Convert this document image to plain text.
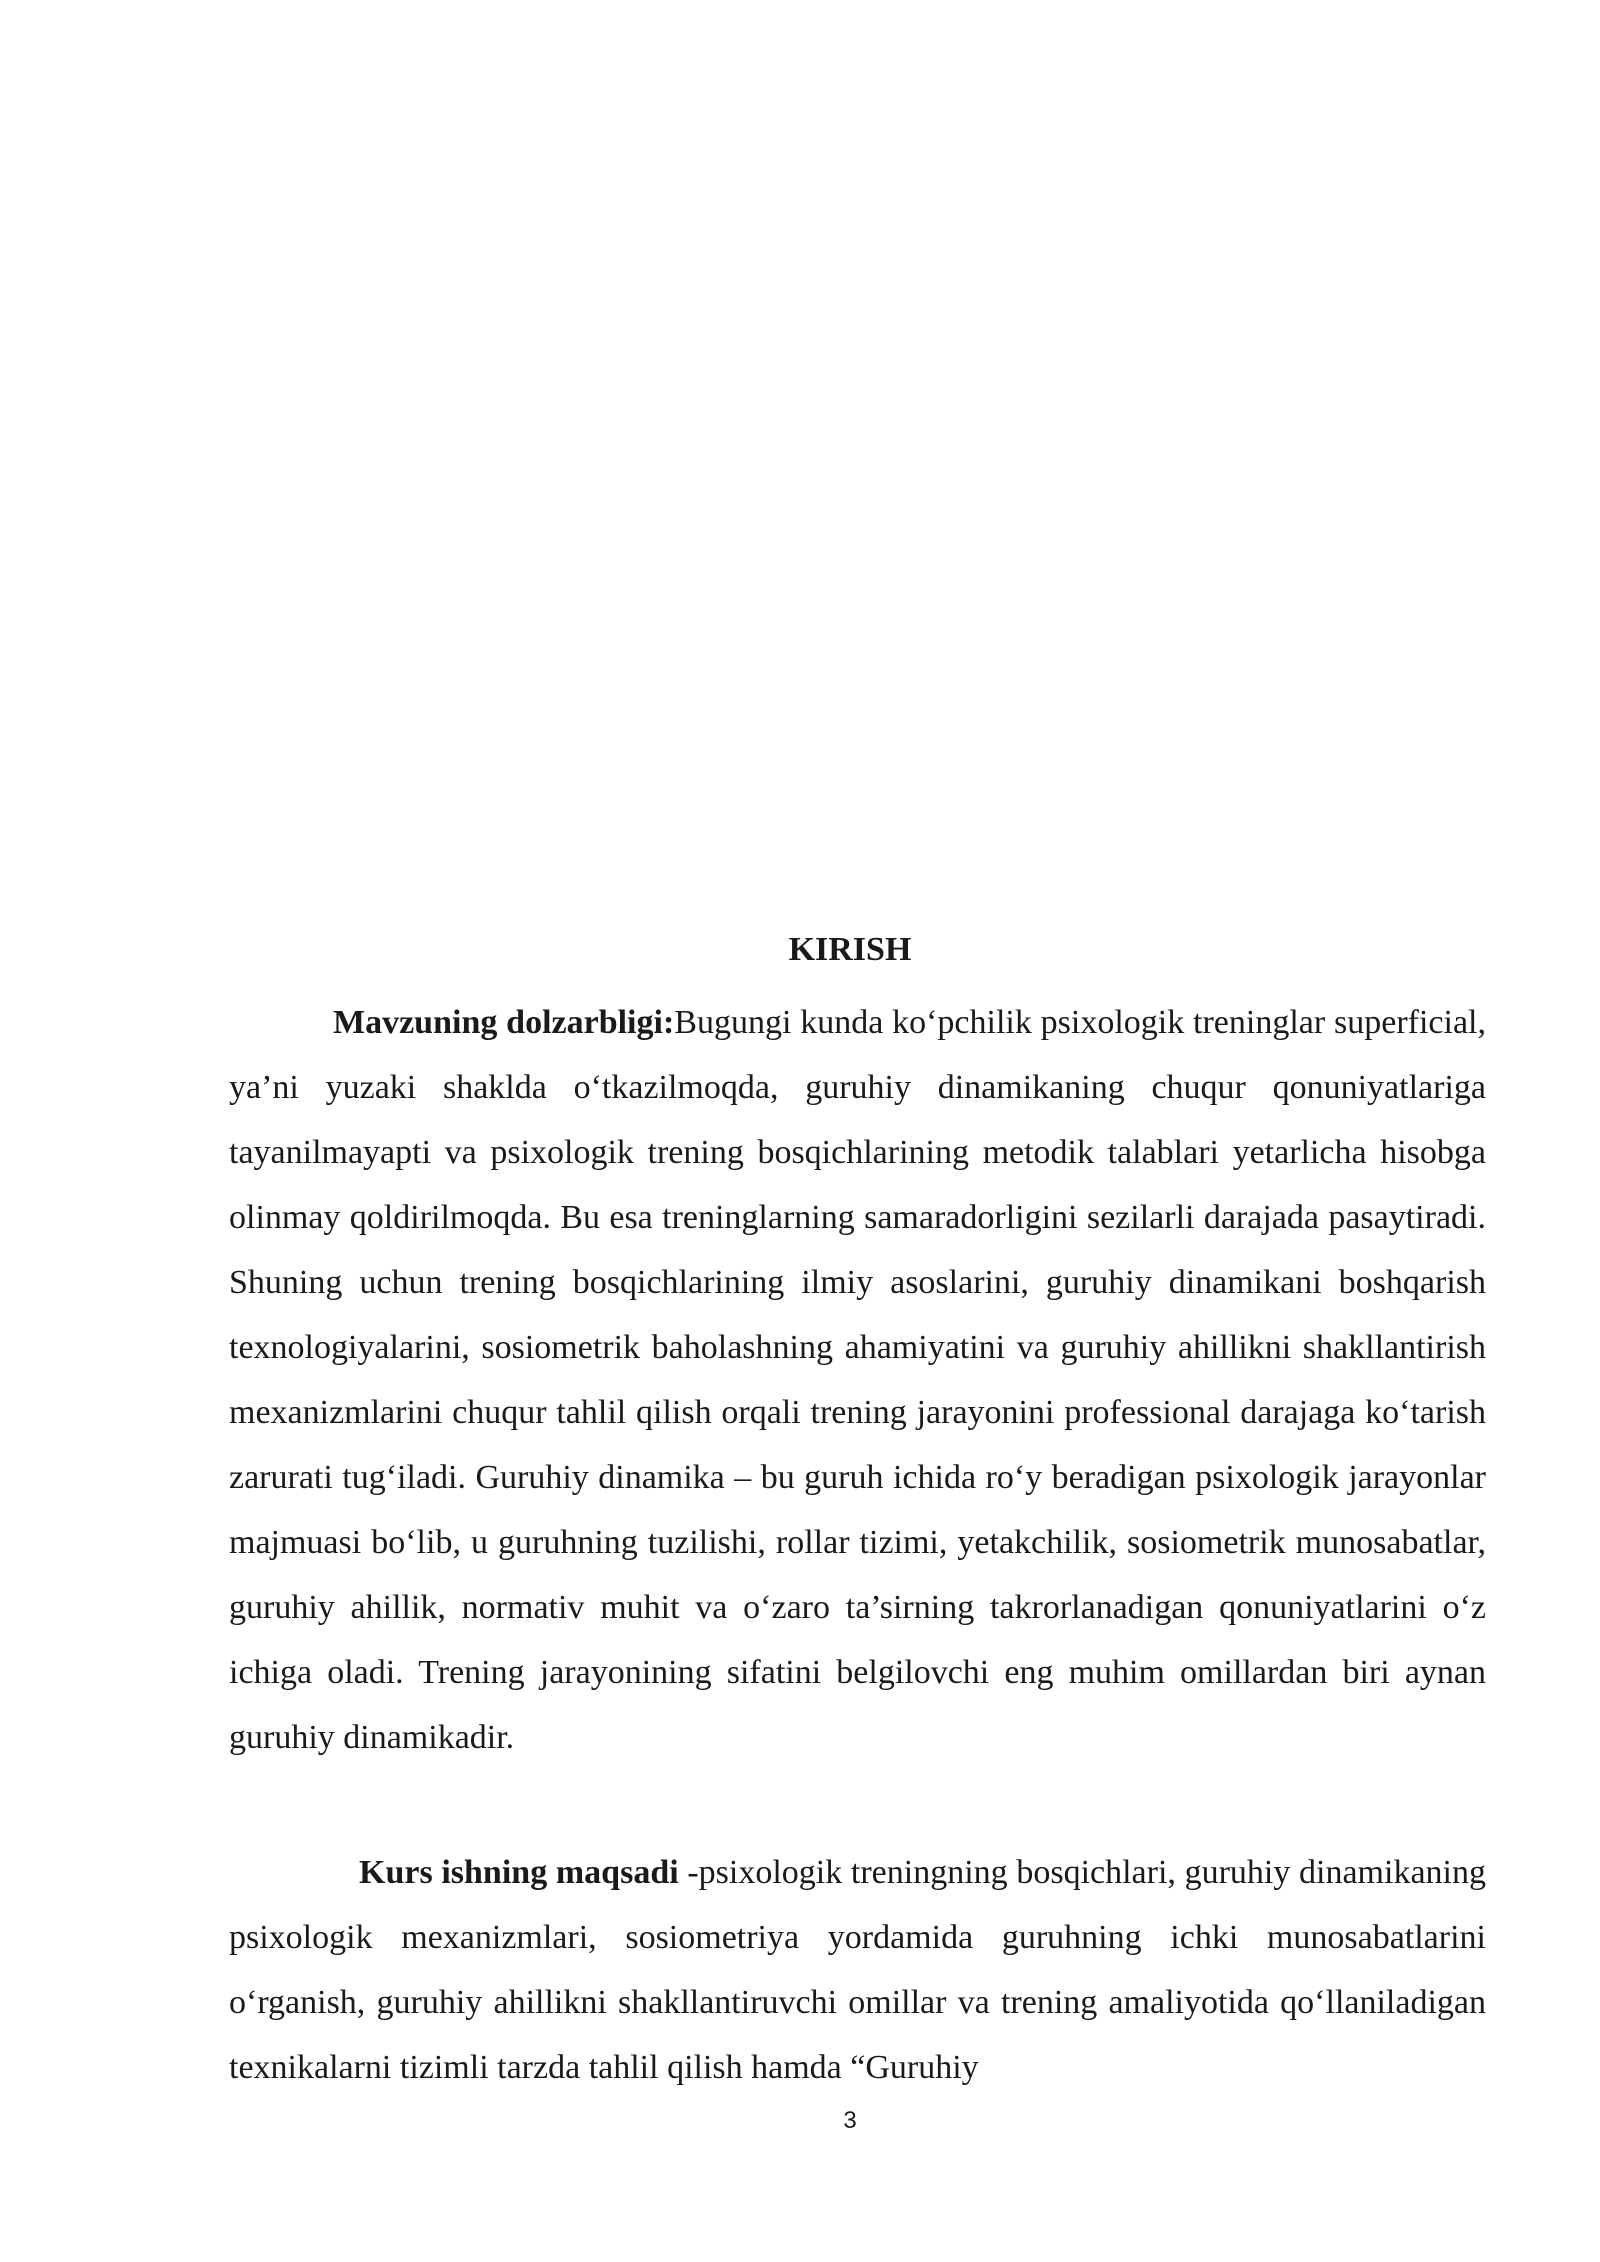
KIRISH

Mavzuning dolzarbligi:Bugungi kunda ko‘pchilik psixologik treninglar superficial, ya’ni yuzaki shaklda o‘tkazilmoqda, guruhiy dinamikaning chuqur qonuniyatlariga tayanilmayapti va psixologik trening bosqichlarining metodik talablari yetarlicha hisobga olinmay qoldirilmoqda. Bu esa treninglarning samaradorligini sezilarli darajada pasaytiradi. Shuning uchun trening bosqichlarining ilmiy asoslarini, guruhiy dinamikani boshqarish texnologiyalarini, sosiometrik baholashning ahamiyatini va guruhiy ahillikni shakllantirish mexanizmlarini chuqur tahlil qilish orqali trening jarayonini professional darajaga ko‘tarish zarurati tug‘iladi. Guruhiy dinamika – bu guruh ichida ro‘y beradigan psixologik jarayonlar majmuasi bo‘lib, u guruhning tuzilishi, rollar tizimi, yetakchilik, sosiometrik munosabatlar, guruhiy ahillik, normativ muhit va o‘zaro ta’sirning takrorlanadigan qonuniyatlarini o‘z ichiga oladi. Trening jarayonining sifatini belgilovchi eng muhim omillardan biri aynan guruhiy dinamikadir.

Kurs ishning maqsadi -psixologik treningning bosqichlari, guruhiy dinamikaning psixologik mexanizmlari, sosiometriya yordamida guruhning ichki munosabatlarini o‘rganish, guruhiy ahillikni shakllantiruvchi omillar va trening amaliyotida qo‘llaniladigan texnikalarni tizimli tarzda tahlil qilish hamda “Guruhiy

3
